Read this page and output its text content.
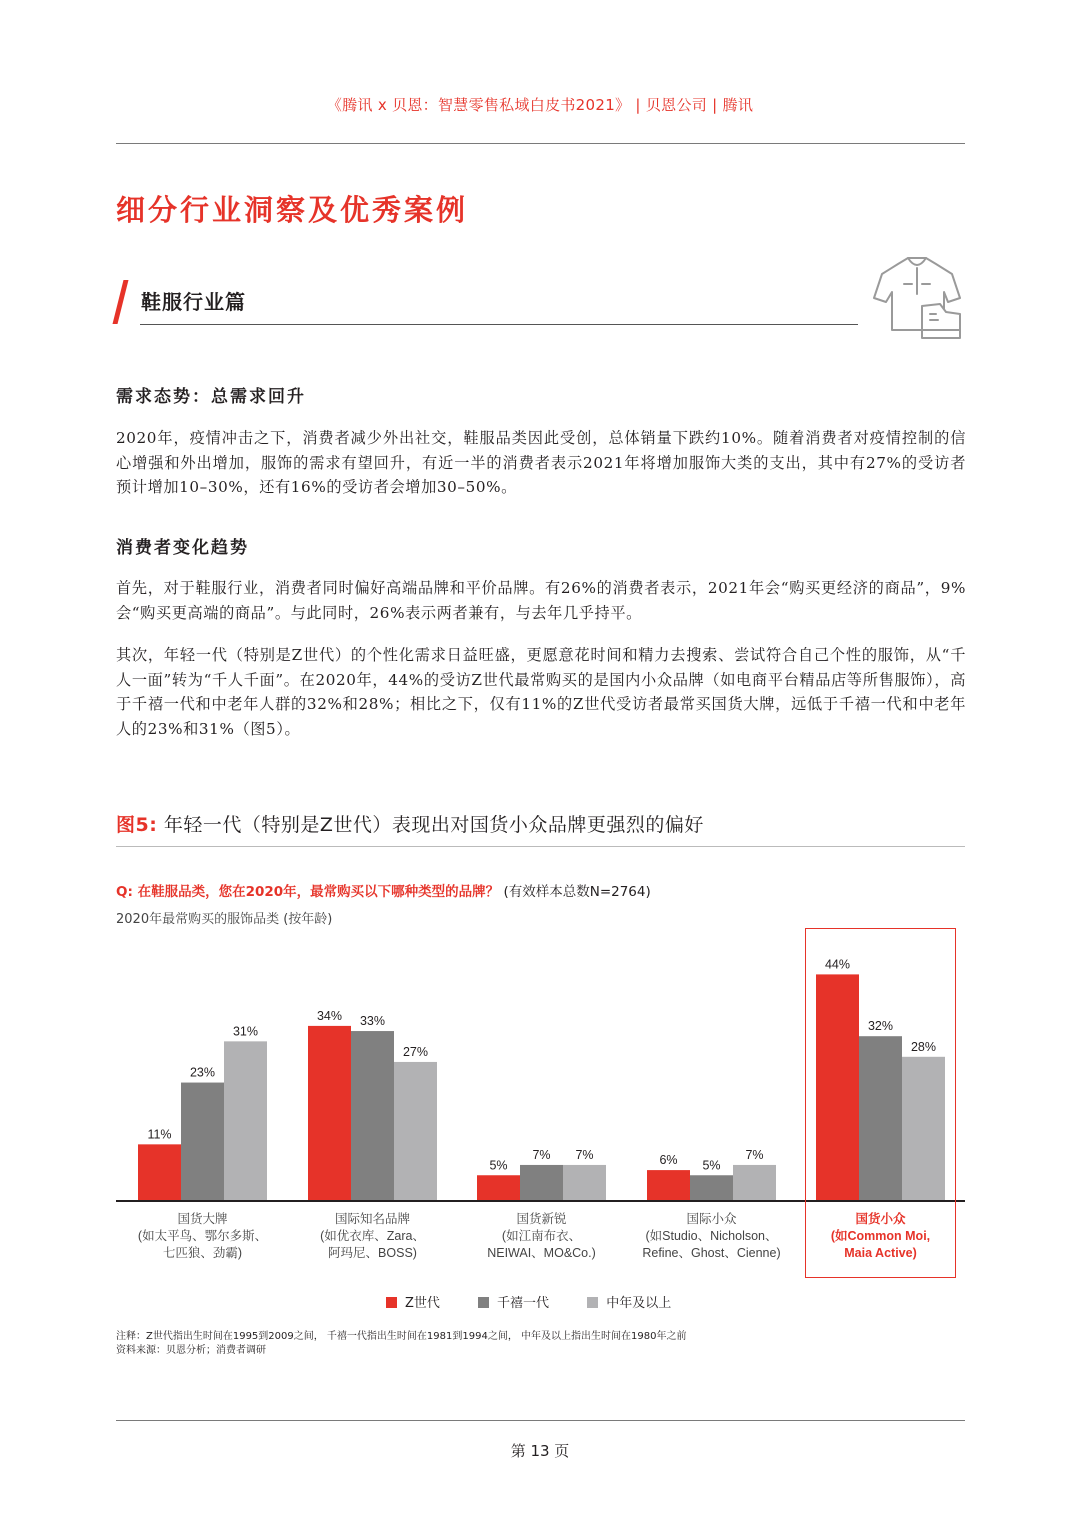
《腾讯 x 贝恩：智慧零售私域白皮书2021》 | 贝恩公司 | 腾讯
细分行业洞察及优秀案例
鞋服行业篇
需求态势：总需求回升
2020年，疫情冲击之下，消费者减少外出社交，鞋服品类因此受创，总体销量下跌约10%。随着消费者对疫情控制的信心增强和外出增加，服饰的需求有望回升，有近一半的消费者表示2021年将增加服饰大类的支出，其中有27%的受访者预计增加10–30%，还有16%的受访者会增加30–50%。
消费者变化趋势
首先，对于鞋服行业，消费者同时偏好高端品牌和平价品牌。有26%的消费者表示，2021年会“购买更经济的商品”，9%会“购买更高端的商品”。与此同时，26%表示两者兼有，与去年几乎持平。
其次，年轻一代（特别是Z世代）的个性化需求日益旺盛，更愿意花时间和精力去搜索、尝试符合自己个性的服饰，从“千人一面”转为“千人千面”。在2020年，44%的受访Z世代最常购买的是国内小众品牌（如电商平台精品店等所售服饰），高于千禧一代和中老年人群的32%和28%；相比之下，仅有11%的Z世代受访者最常买国货大牌，远低于千禧一代和中老年人的23%和31%（图5）。
图5: 年轻一代（特别是Z世代）表现出对国货小众品牌更强烈的偏好
Q: 在鞋服品类，您在2020年，最常购买以下哪种类型的品牌？ (有效样本总数N=2764)
2020年最常购买的服饰品类 (按年龄)
11%
23%
31%
国货大牌
(如太平鸟、鄂尔多斯、
七匹狼、劲霸)
34% 33%
27%
国际知名品牌
(如优衣库、Zara、
阿玛尼、BOSS)
5%
7% 7%
国货新锐
(如江南布衣、
NEIWAI、MO&Co.)
6% 5%
7%
国际小众
(如Studio、Nicholson、
Refine、Ghost、Cienne)
44%
32%
28%
国货小众
(如Common Moi,
Maia Active)
Z世代	千禧一代	中年及以上
注释：Z世代指出生时间在1995到2009之间， 千禧一代指出生时间在1981到1994之间， 中年及以上指出生时间在1980年之前
资料来源：贝恩分析；消费者调研
第 13 页
